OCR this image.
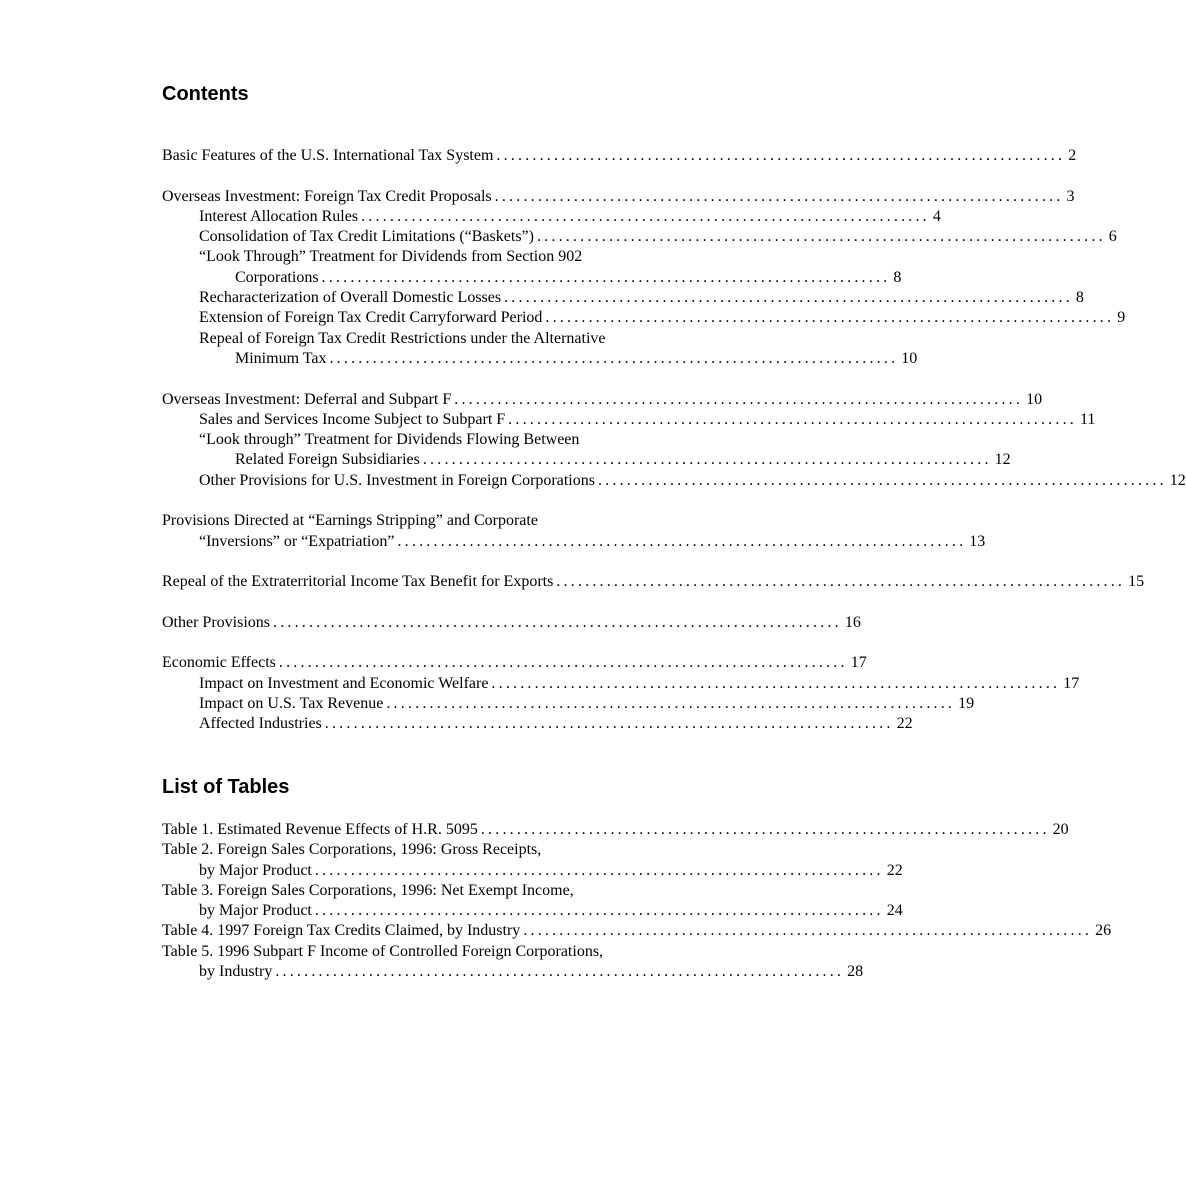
Contents
Basic Features of the U.S. International Tax System ............................................................................... 2
Overseas Investment: Foreign Tax Credit Proposals ............................................................................... 3
Interest Allocation Rules ............................................................................... 4
Consolidation of Tax Credit Limitations (“Baskets”) ............................................................................... 6
“Look Through” Treatment for Dividends from Section 902
Corporations ............................................................................... 8
Recharacterization of Overall Domestic Losses ............................................................................... 8
Extension of Foreign Tax Credit Carryforward Period ............................................................................... 9
Repeal of Foreign Tax Credit Restrictions under the Alternative
Minimum Tax ............................................................................... 10
Overseas Investment: Deferral and Subpart F ............................................................................... 10
Sales and Services Income Subject to Subpart F ............................................................................... 11
“Look through” Treatment for Dividends Flowing Between
Related Foreign Subsidiaries ............................................................................... 12
Other Provisions for U.S. Investment in Foreign Corporations ............................................................................... 12
Provisions Directed at “Earnings Stripping” and Corporate
“Inversions” or “Expatriation” ............................................................................... 13
Repeal of the Extraterritorial Income Tax Benefit for Exports ............................................................................... 15
Other Provisions ............................................................................... 16
Economic Effects ............................................................................... 17
Impact on Investment and Economic Welfare ............................................................................... 17
Impact on U.S. Tax Revenue ............................................................................... 19
Affected Industries ............................................................................... 22
List of Tables
Table 1. Estimated Revenue Effects of H.R. 5095 ............................................................................... 20
Table 2. Foreign Sales Corporations, 1996: Gross Receipts,
by Major Product ............................................................................... 22
Table 3. Foreign Sales Corporations, 1996: Net Exempt Income,
by Major Product ............................................................................... 24
Table 4. 1997 Foreign Tax Credits Claimed, by Industry ............................................................................... 26
Table 5. 1996 Subpart F Income of Controlled Foreign Corporations,
by Industry ............................................................................... 28
